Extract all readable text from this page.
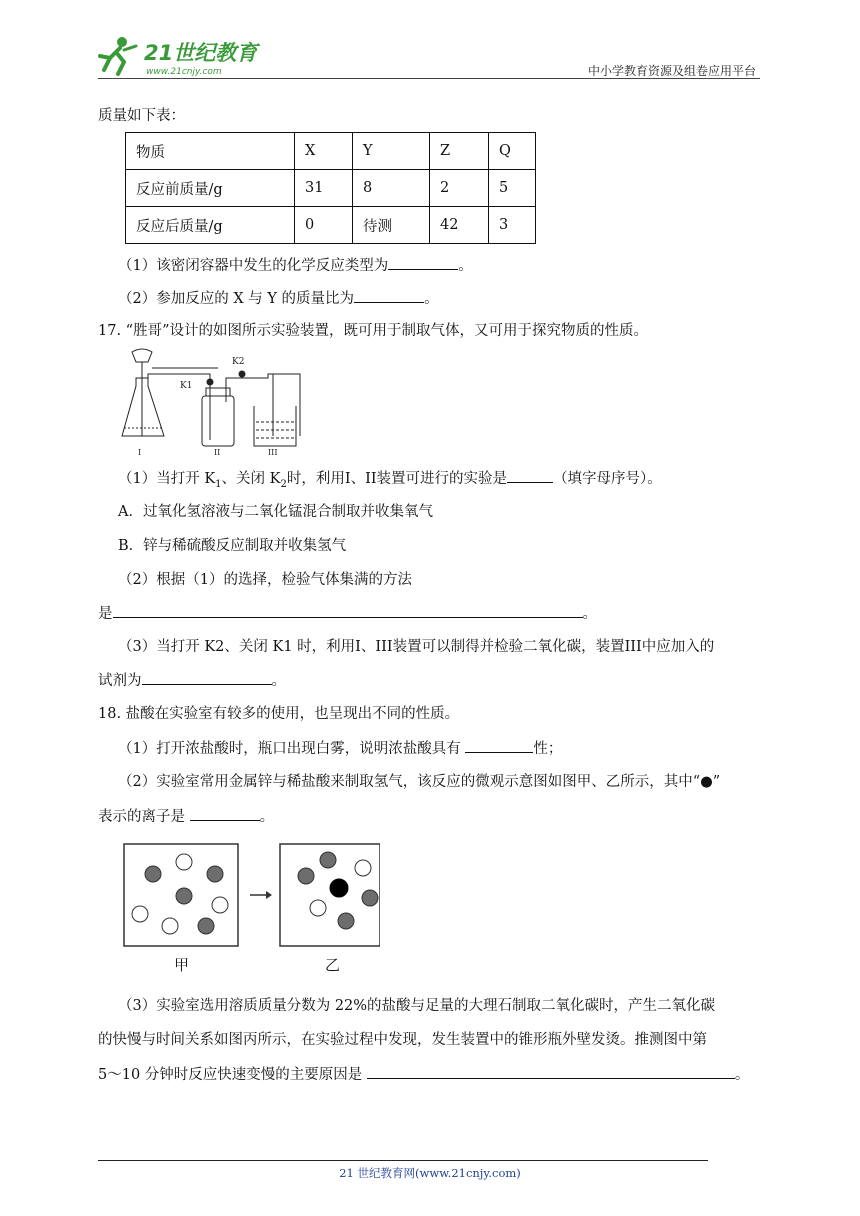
21世纪教育
www.21cnjy.com	中小学教育资源及组卷应用平台
质量如下表：
物质	X	Y	Z	Q
反应前质量/g	31	8	2	5
反应后质量/g	0	待测	42	3
（1）该密闭容器中发生的化学反应类型为	。
（2）参加反应的 X 与 Y 的质量比为	。
17. “胜哥”设计的如图所示实验装置，既可用于制取气体，又可用于探究物质的性质。
I	II	III
K1
K2
（1）当打开 $K_1$、关闭 $K_2$时，利用I、II装置可进行的实验是	（填字母序号）。
A．过氧化氢溶液与二氧化锰混合制取并收集氧气
B．锌与稀硫酸反应制取并收集氢气
（2）根据（1）的选择，检验气体集满的方法
是	。
（3）当打开 K2、关闭 K1 时，利用I、III装置可以制得并检验二氧化碳，装置III中应加入的
试剂为	。
18. 盐酸在实验室有较多的使用，也呈现出不同的性质。
（1）打开浓盐酸时，瓶口出现白雾，说明浓盐酸具有	性；
（2）实验室常用金属锌与稀盐酸来制取氢气，该反应的微观示意图如图甲、乙所示，其中“●”
表示的离子是	。
甲	乙
（3）实验室选用溶质质量分数为 22%的盐酸与足量的大理石制取二氧化碳时，产生二氧化碳
的快慢与时间关系如图丙所示，在实验过程中发现，发生装置中的锥形瓶外壁发烫。推测图中第
5～10 分钟时反应快速变慢的主要原因是	。
21 世纪教育网(www.21cnjy.com)
